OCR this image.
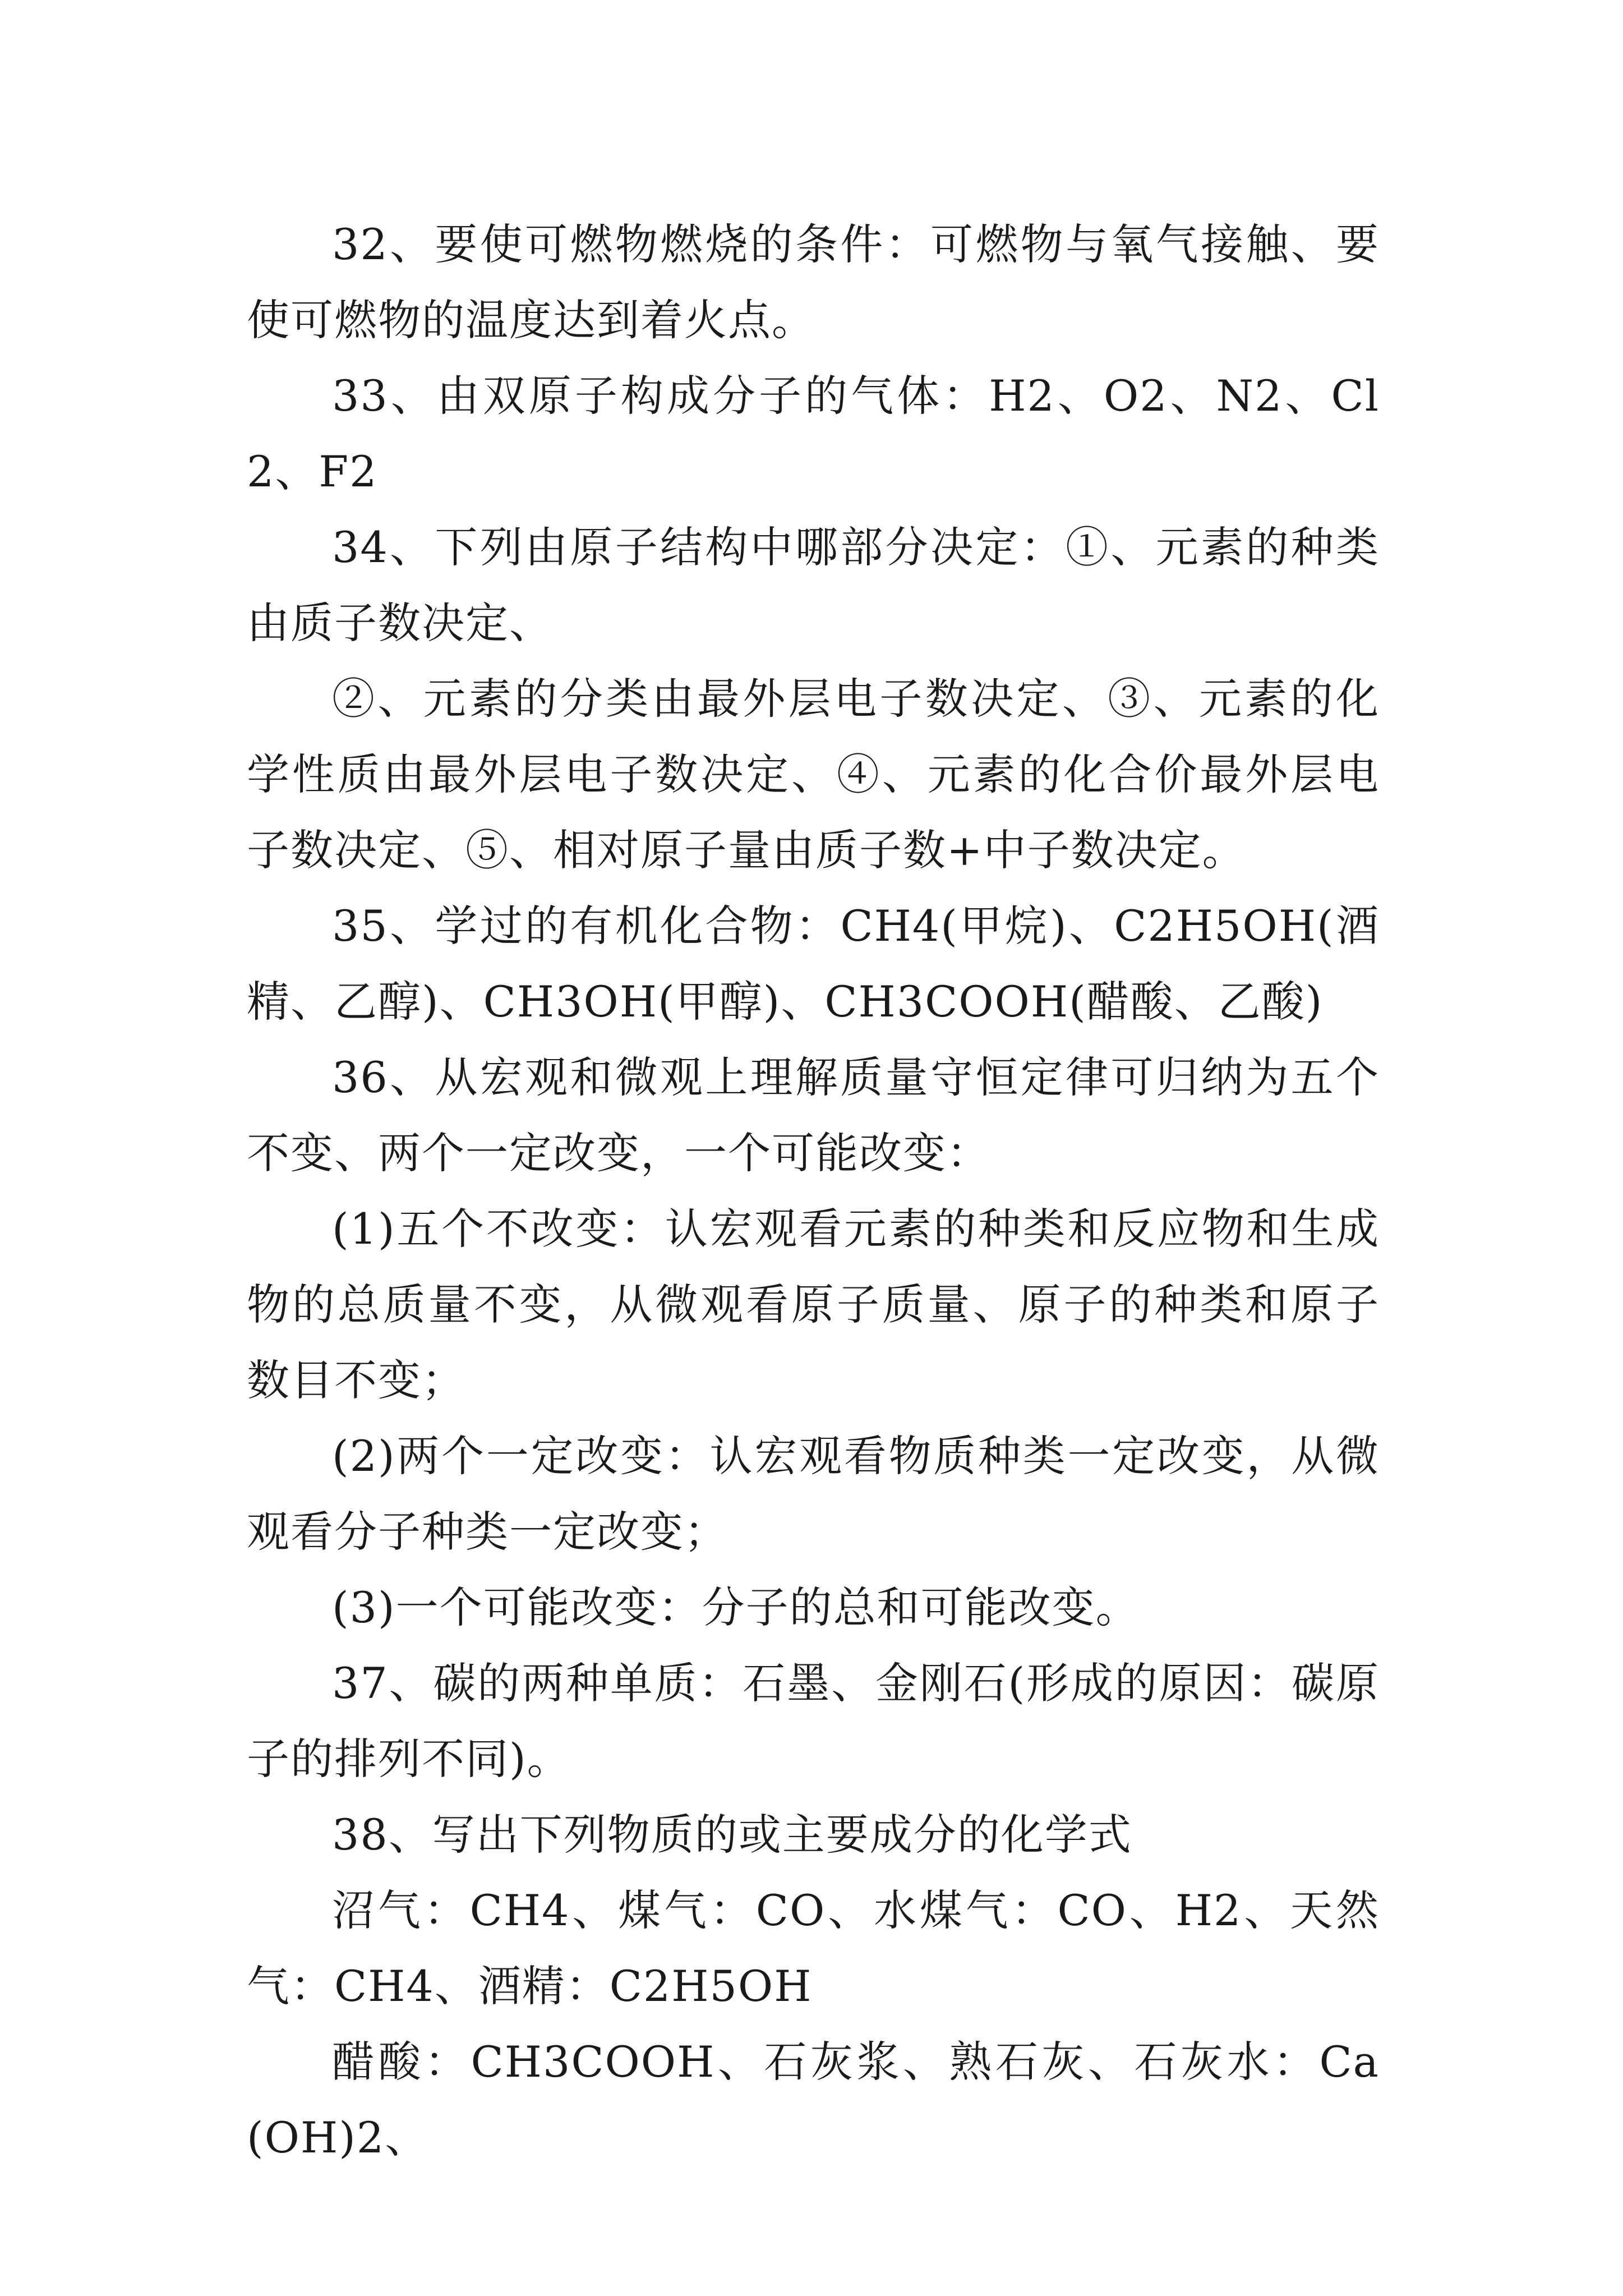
32、要使可燃物燃烧的条件：可燃物与氧气接触、要使可燃物的温度达到着火点。

33、由双原子构成分子的气体：H2、O2、N2、Cl2、F2

34、下列由原子结构中哪部分决定：①、元素的种类由质子数决定、

②、元素的分类由最外层电子数决定、③、元素的化学性质由最外层电子数决定、④、元素的化合价最外层电子数决定、⑤、相对原子量由质子数+中子数决定。

35、学过的有机化合物：CH4(甲烷)、C2H5OH(酒精、乙醇)、CH3OH(甲醇)、CH3COOH(醋酸、乙酸)

36、从宏观和微观上理解质量守恒定律可归纳为五个不变、两个一定改变，一个可能改变：

(1)五个不改变：认宏观看元素的种类和反应物和生成物的总质量不变，从微观看原子质量、原子的种类和原子数目不变；

(2)两个一定改变：认宏观看物质种类一定改变，从微观看分子种类一定改变；

(3)一个可能改变：分子的总和可能改变。

37、碳的两种单质：石墨、金刚石(形成的原因：碳原子的排列不同)。

38、写出下列物质的或主要成分的化学式

沼气：CH4、煤气：CO、水煤气：CO、H2、天然气：CH4、酒精：C2H5OH

醋酸：CH3COOH、石灰浆、熟石灰、石灰水：Ca(OH)2、
